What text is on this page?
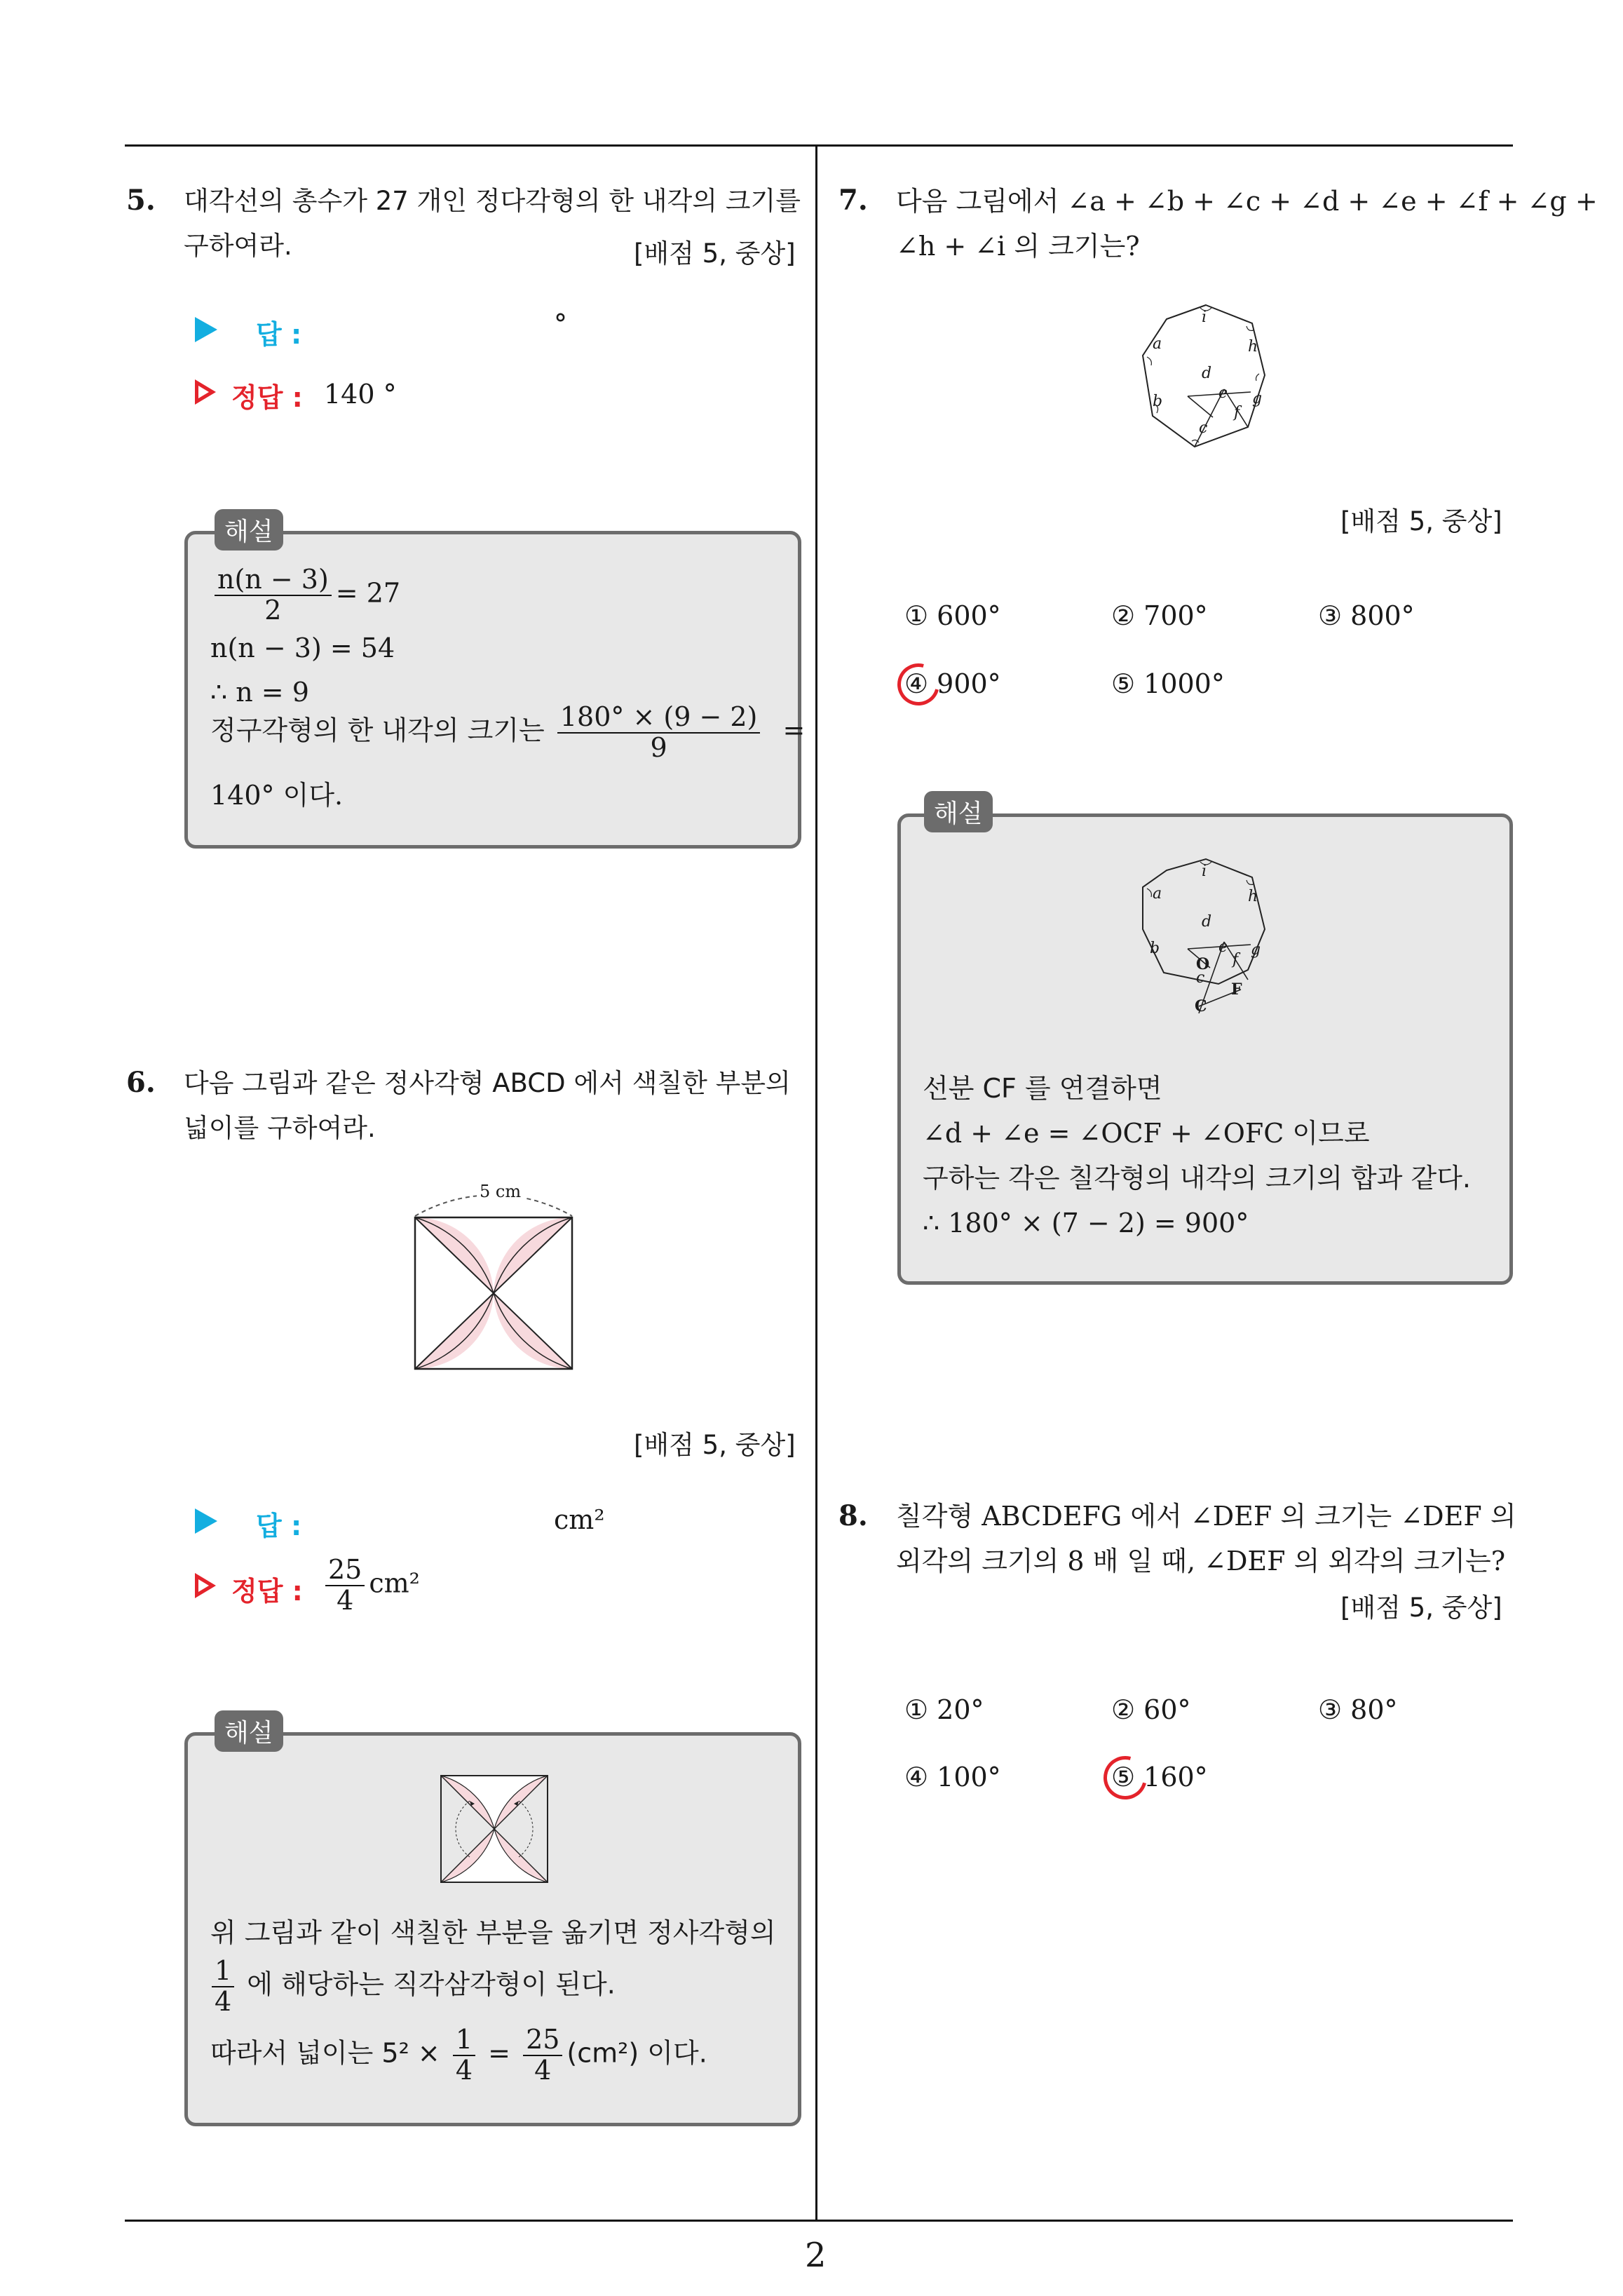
5. 대각선의 총수가 27 개인 정다각형의 한 내각의 크기를
구하여라.	[배점 5, 중상]
답 :	°
정답 : 140 °
해설
$\frac{n(n - 3)}{2} = 27$
n(n − 3) = 54
∴ n = 9
정구각형의 한 내각의 크기는 $\frac{180^\circ \times (9 - 2)}{9}$ =
140° 이다.
6. 다음 그림과 같은 정사각형 ABCD 에서 색칠한 부분의
넓이를 구하여라.
5 cm
[배점 5, 중상]
답 :	cm²
정답 : $\frac{25}{4} cm^2$
해설
위 그림과 같이 색칠한 부분을 옮기면 정사각형의
$\frac{1}{4}$ 에 해당하는 직각삼각형이 된다.
따라서 넓이는 $5^2 \times \frac{1}{4} = \frac{25}{4} (cm^2)$ 이다.
7. 다음 그림에서 ∠a + ∠b + ∠c + ∠d + ∠e + ∠f + ∠g +
∠h + ∠i 의 크기는?
i
a	h
d
b	e g
f
c
[배점 5, 중상]
① 600°	② 700°	③ 800°
④ 900°	⑤ 1000°
해설
i
a	h
d
b	e
f
g
O
c
F
C
선분 CF 를 연결하면
∠d + ∠e = ∠OCF + ∠OFC 이므로
구하는 각은 칠각형의 내각의 크기의 합과 같다.
∴ 180° × (7 − 2) = 900°
8. 칠각형 ABCDEFG 에서 ∠DEF 의 크기는 ∠DEF 의
외각의 크기의 8 배 일 때, ∠DEF 의 외각의 크기는?
[배점 5, 중상]
① 20°	② 60°	③ 80°
④ 100°	⑤ 160°
2
